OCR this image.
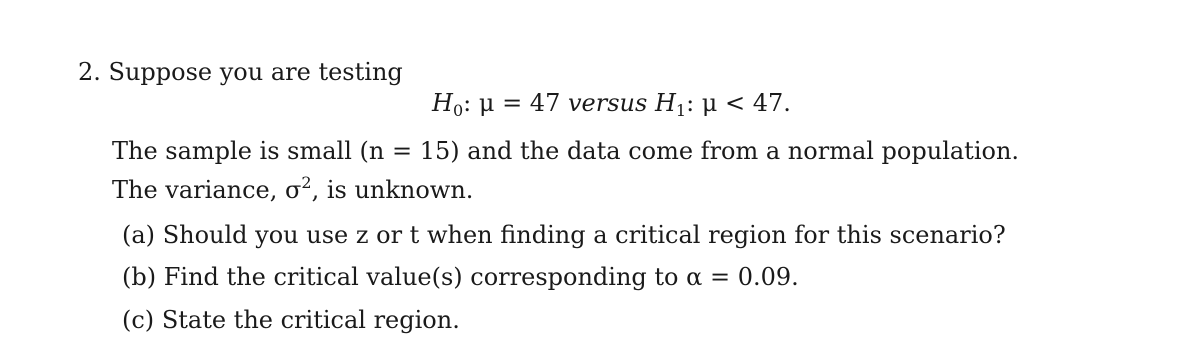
2. Suppose you are testing
$H_0$: μ = 47 versus $H_1$: μ < 47.
The sample is small (n = 15) and the data come from a normal population.
The variance, $\sigma^2$, is unknown.
(a) Should you use z or t when finding a critical region for this scenario?
(b) Find the critical value(s) corresponding to α = 0.09.
(c) State the critical region.
